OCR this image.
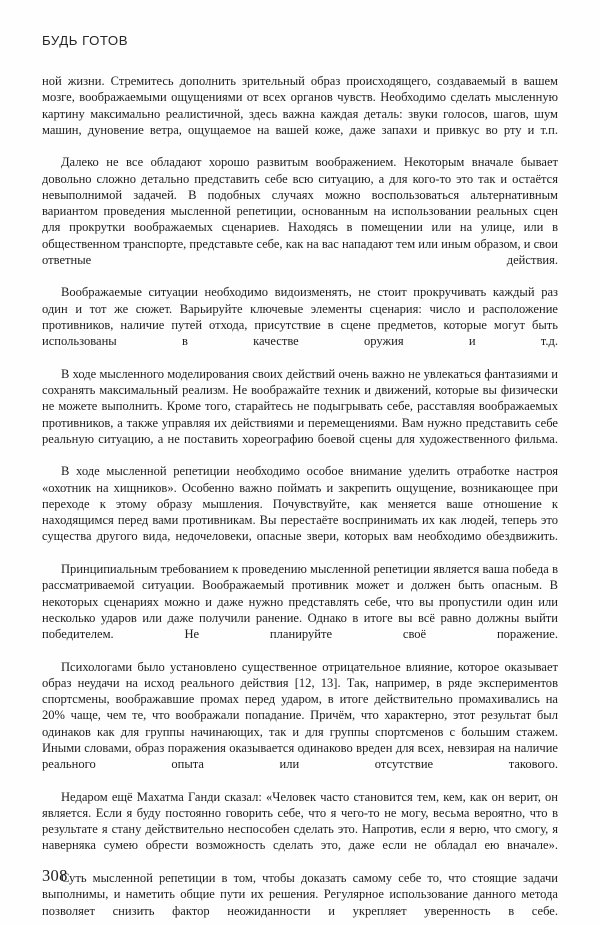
БУДЬ ГОТОВ

ной жизни. Стремитесь дополнить зрительный образ происходящего, создаваемый в вашем мозге, воображаемыми ощущениями от всех органов чувств. Необходимо сделать мысленную картину максимально реалистичной, здесь важна каждая деталь: звуки голосов, шагов, шум машин, дуновение ветра, ощущаемое на вашей коже, даже запахи и привкус во рту и т.п.

Далеко не все обладают хорошо развитым воображением. Некоторым вначале бывает довольно сложно детально представить себе всю ситуацию, а для кого-то это так и остаётся невыполнимой задачей. В подобных случаях можно воспользоваться альтернативным вариантом проведения мысленной репетиции, основанным на использовании реальных сцен для прокрутки воображаемых сценариев. Находясь в помещении или на улице, или в общественном транспорте, представьте себе, как на вас нападают тем или иным образом, и свои ответные действия.

Воображаемые ситуации необходимо видоизменять, не стоит прокручивать каждый раз один и тот же сюжет. Варьируйте ключевые элементы сценария: число и расположение противников, наличие путей отхода, присутствие в сцене предметов, которые могут быть использованы в качестве оружия и т.д.

В ходе мысленного моделирования своих действий очень важно не увлекаться фантазиями и сохранять максимальный реализм. Не воображайте техник и движений, которые вы физически не можете выполнить. Кроме того, старайтесь не подыгрывать себе, расставляя воображаемых противников, а также управляя их действиями и перемещениями. Вам нужно представить себе реальную ситуацию, а не поставить хореографию боевой сцены для художественного фильма.

В ходе мысленной репетиции необходимо особое внимание уделить отработке настроя «охотник на хищников». Особенно важно поймать и закрепить ощущение, возникающее при переходе к этому образу мышления. Почувствуйте, как меняется ваше отношение к находящимся перед вами противникам. Вы перестаёте воспринимать их как людей, теперь это существа другого вида, недочеловеки, опасные звери, которых вам необходимо обездвижить.

Принципиальным требованием к проведению мысленной репетиции является ваша победа в рассматриваемой ситуации. Воображаемый противник может и должен быть опасным. В некоторых сценариях можно и даже нужно представлять себе, что вы пропустили один или несколько ударов или даже получили ранение. Однако в итоге вы всё равно должны выйти победителем. Не планируйте своё поражение.

Психологами было установлено существенное отрицательное влияние, которое оказывает образ неудачи на исход реального действия [12, 13]. Так, например, в ряде экспериментов спортсмены, воображавшие промах перед ударом, в итоге действительно промахивались на 20% чаще, чем те, что воображали попадание. Причём, что характерно, этот результат был одинаков как для группы начинающих, так и для группы спортсменов с большим стажем. Иными словами, образ поражения оказывается одинаково вреден для всех, невзирая на наличие реального опыта или отсутствие такового.

Недаром ещё Махатма Ганди сказал: «Человек часто становится тем, кем, как он верит, он является. Если я буду постоянно говорить себе, что я чего-то не могу, весьма вероятно, что в результате я стану действительно неспособен сделать это. Напротив, если я верю, что смогу, я наверняка сумею обрести возможность сделать это, даже если не обладал ею вначале».

Суть мысленной репетиции в том, чтобы доказать самому себе то, что стоящие задачи выполнимы, и наметить общие пути их решения. Регулярное использование данного метода позволяет снизить фактор неожиданности и укрепляет уверенность в себе.

308
